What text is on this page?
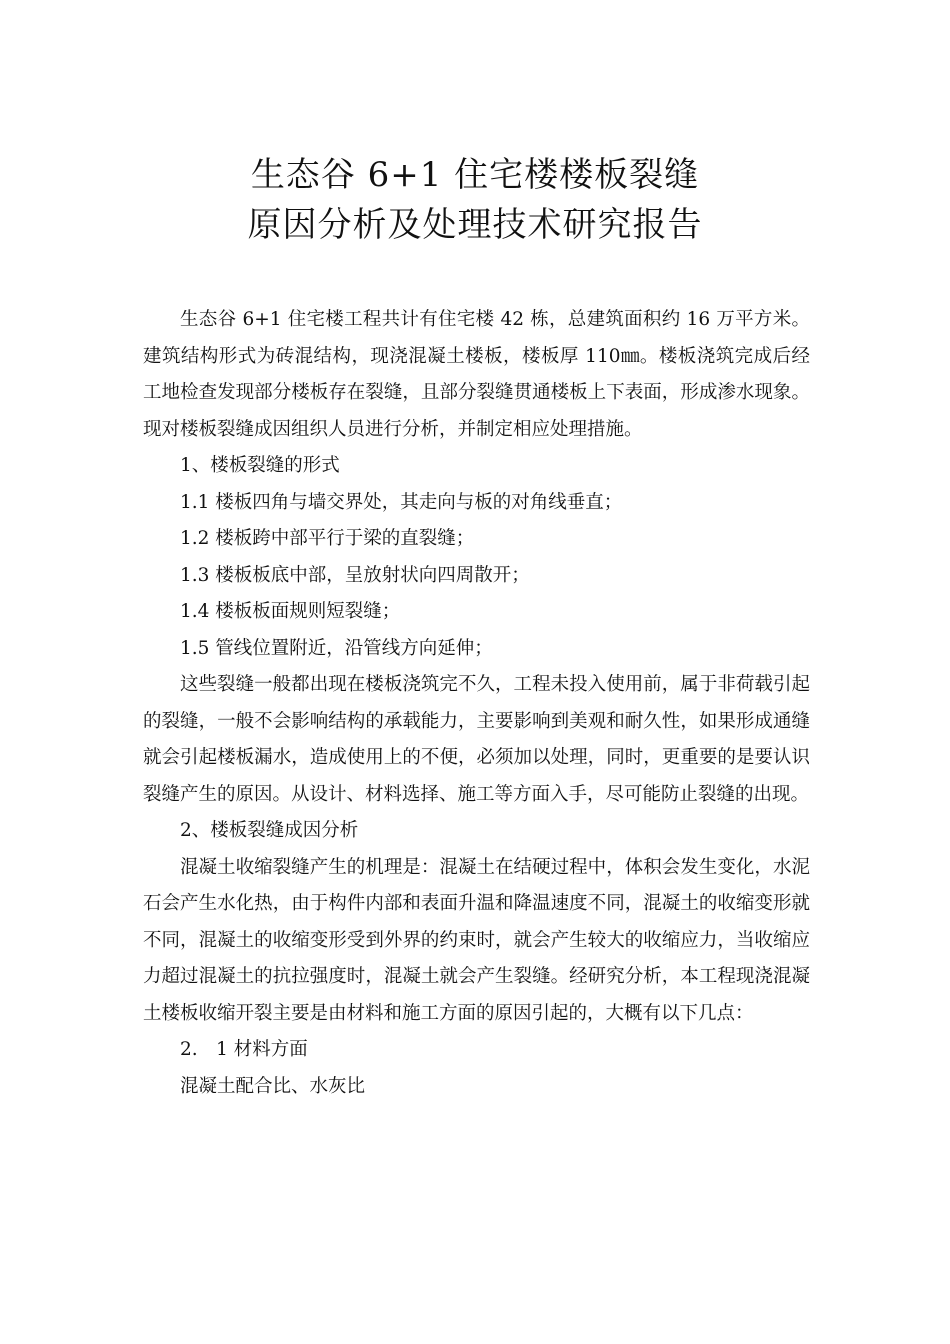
生态谷 6+1 住宅楼楼板裂缝
原因分析及处理技术研究报告

生态谷 6+1 住宅楼工程共计有住宅楼 42 栋，总建筑面积约 16 万平方米。建筑结构形式为砖混结构，现浇混凝土楼板，楼板厚 110㎜。楼板浇筑完成后经工地检查发现部分楼板存在裂缝，且部分裂缝贯通楼板上下表面，形成渗水现象。现对楼板裂缝成因组织人员进行分析，并制定相应处理措施。

1、楼板裂缝的形式

1.1 楼板四角与墙交界处，其走向与板的对角线垂直；

1.2 楼板跨中部平行于梁的直裂缝；

1.3 楼板板底中部，呈放射状向四周散开；

1.4 楼板板面规则短裂缝；

1.5 管线位置附近，沿管线方向延伸；

这些裂缝一般都出现在楼板浇筑完不久，工程未投入使用前，属于非荷载引起的裂缝，一般不会影响结构的承载能力，主要影响到美观和耐久性，如果形成通缝就会引起楼板漏水，造成使用上的不便，必须加以处理，同时，更重要的是要认识裂缝产生的原因。从设计、材料选择、施工等方面入手，尽可能防止裂缝的出现。

2、楼板裂缝成因分析

混凝土收缩裂缝产生的机理是：混凝土在结硬过程中，体积会发生变化，水泥石会产生水化热，由于构件内部和表面升温和降温速度不同，混凝土的收缩变形就不同，混凝土的收缩变形受到外界的约束时，就会产生较大的收缩应力，当收缩应力超过混凝土的抗拉强度时，混凝土就会产生裂缝。经研究分析，本工程现浇混凝土楼板收缩开裂主要是由材料和施工方面的原因引起的，大概有以下几点：

2.　1 材料方面

混凝土配合比、水灰比
